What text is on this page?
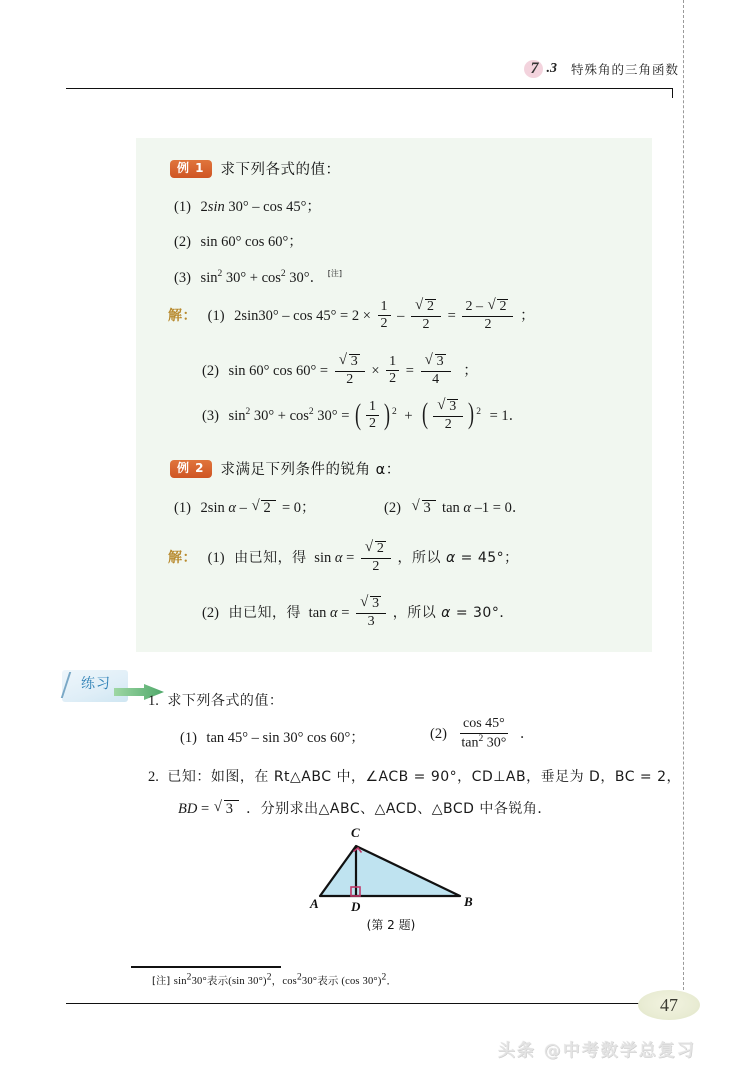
7 .3 特殊角的三角函数
例 1 求下列各式的值：
(1) 2sin 30° – cos 45°；
(2) sin 60° cos 60°；
(3) $\sin^2 30^\circ + \cos^2 30^\circ$． [注]
解： (1) $2\sin 30^\circ - \cos 45^\circ = 2 \times \frac{1}{2}$ – √ $\frac{2}{2} = \frac{2 - √ 2}{2}$ ；
(2) sin 60° cos 60° = √ $\frac{3}{2} \times \frac{1}{2}$ = √ $\frac{3}{4}$ ；
(3) $\sin^2 30^\circ + \cos^2 30^\circ$ = ( $\frac{1}{2}$ ) $^2$ + ( √ $\frac{3}{2}$ ) $^2$ = 1．
例 2 求满足下列条件的锐角 α：
(1) 2sin α – √ 2  = 0；	(2) √ 3  tan α –1 = 0．
解： (1) 由已知，得 sin α = √ $\frac{2}{2}$ ，所以 α = 45°；
(2) 由已知，得 tan α = √ $\frac{3}{3}$ ，所以 α = 30°．
练习
1. 求下列各式的值：
(1) tan 45° – sin 30° cos 60°；	$(2) \frac{\cos 45^\circ}{\tan^2 30^\circ}$ ．
2. 已知：如图，在 Rt△ABC 中，∠ACB = 90°，CD⊥AB，垂足为 D，BC = 2，
BD = √ 3  ．分别求出△ABC、△ACD、△BCD 中各锐角．
A	B
C
D
(第 2 题)
[注] sin230°表示(sin 30°)2，cos230°表示 (cos 30°)2．
47
头条 @中考数学总复习
